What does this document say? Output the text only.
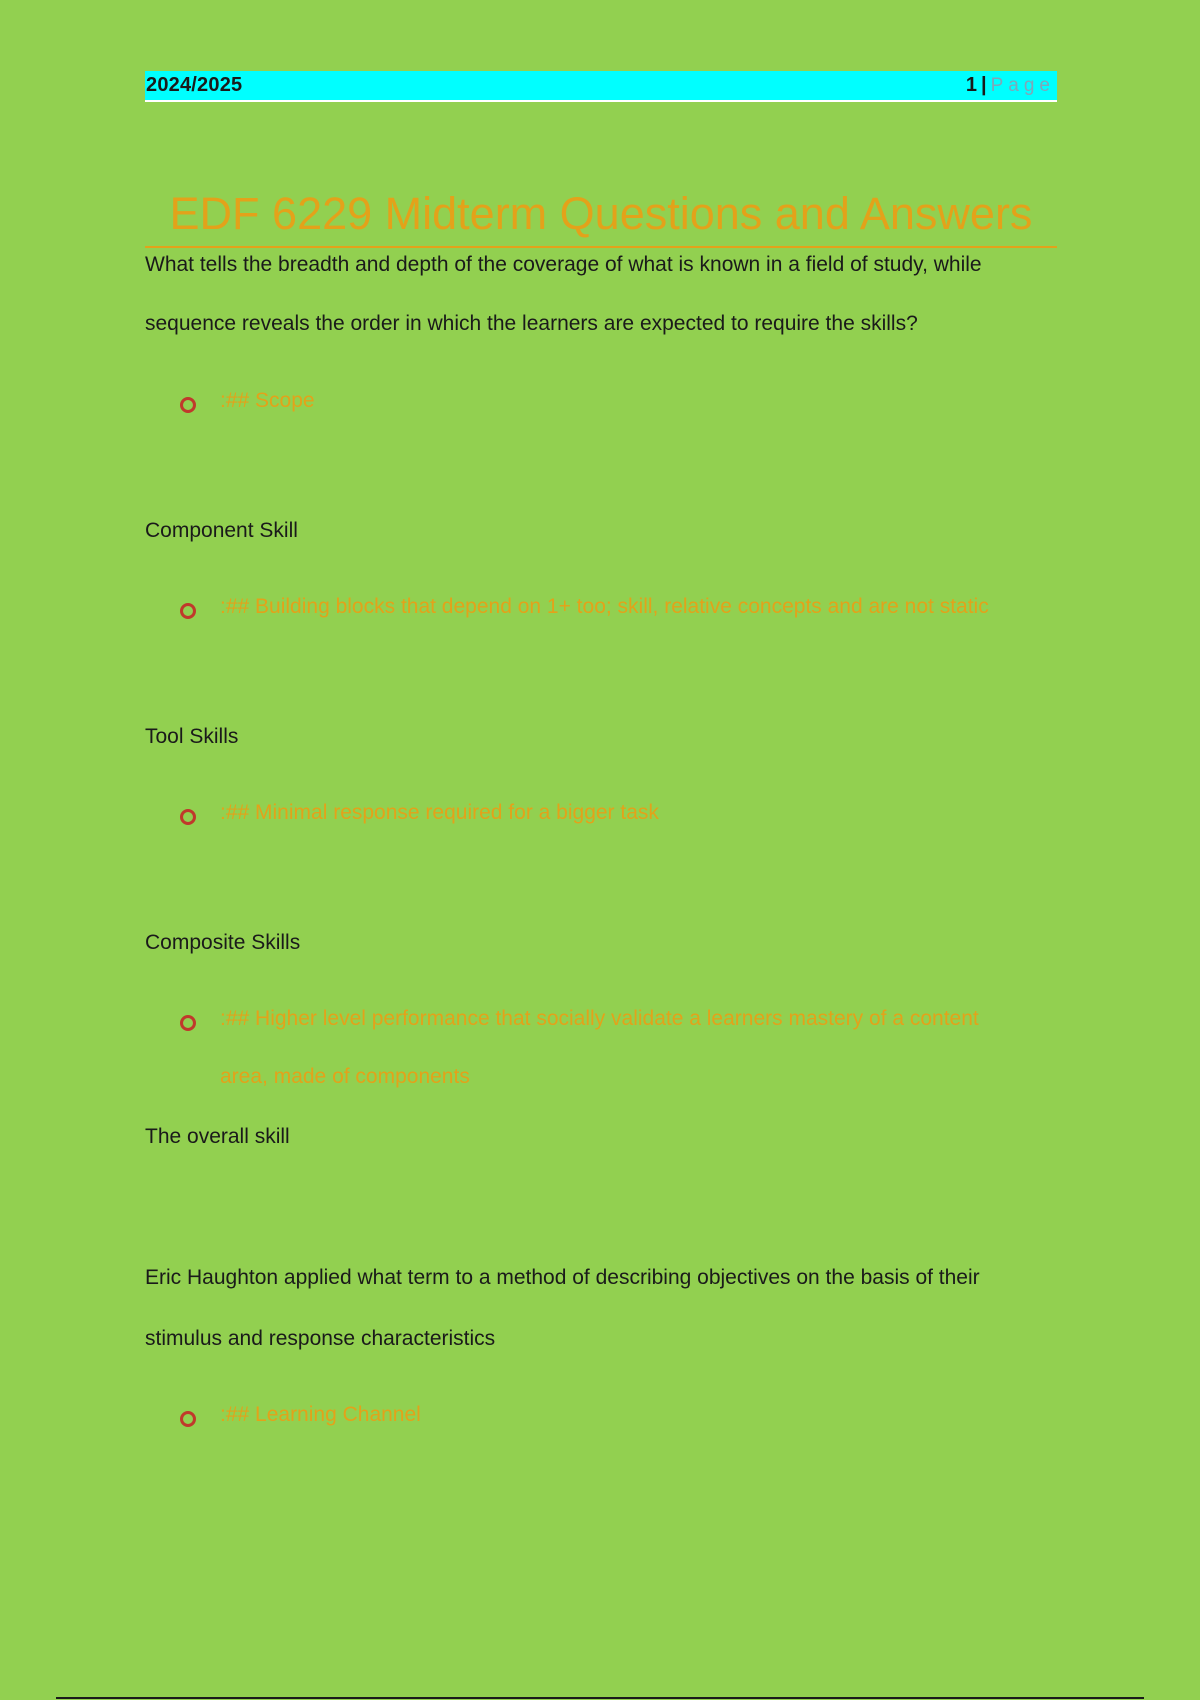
2024/2025	1 | Page
EDF 6229 Midterm Questions and Answers

What tells the breadth and depth of the coverage of what is known in a field of study, while

sequence reveals the order in which the learners are expected to require the skills?

:## Scope

Component Skill

:## Building blocks that depend on 1+ too; skill, relative concepts and are not static

Tool Skills

:## Minimal response required for a bigger task

Composite Skills

:## Higher level performance that socially validate a learners mastery of a content
area, made of components

The overall skill

Eric Haughton applied what term to a method of describing objectives on the basis of their

stimulus and response characteristics

:## Learning Channel
